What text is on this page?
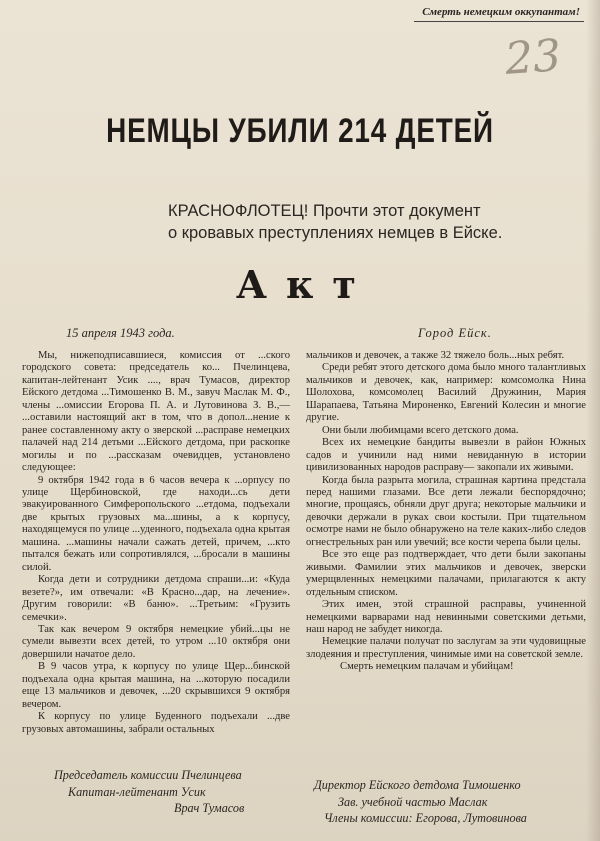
Смерть немецким оккупантам!
23
НЕМЦЫ УБИЛИ 214 ДЕТЕЙ
КРАСНОФЛОТЕЦ! Прочти этот документ
о кровавых преступлениях немцев в Ейске.
Акт
15 апреля 1943 года.	Город Ейск.

Мы, нижеподписавшиеся, комиссия от ...ского городского совета: председатель ко... Пчелинцева, капитан-лейтенант Усик ...., врач Тумасов, директор Ейского детдома ...Тимошенко В. М., завуч Маслак М. Ф., члены ...омиссии Егорова П. А. и Лутовинова З. В.,— ...оставили настоящий акт в том, что в допол...нение к ранее составленному акту о зверской ...расправе немецких палачей над 214 детьми ...Ейского детдома, при раскопке могилы и по ...рассказам очевидцев, установлено следующее:

9 октября 1942 года в 6 часов вечера к ...орпусу по улице Щербиновской, где находи...сь дети эвакуированного Симферопольского ...етдома, подъехали две крытых грузовых ма...шины, а к корпусу, находящемуся по улице ...уденного, подъехала одна крытая машина. ...машины начали сажать детей, причем, ...кто пытался бежать или сопротивлялся, ...бросали в машины силой.

Когда дети и сотрудники детдома спраши...и: «Куда везете?», им отвечали: «В Красно...дар, на лечение». Другим говорили: «В баню». ...Третьим: «Грузить семечки».

Так как вечером 9 октября немецкие убий...цы не сумели вывезти всех детей, то утром ...10 октября они довершили начатое дело.

В 9 часов утра, к корпусу по улице Щер...бинской подъехала одна крытая машина, на ...которую посадили еще 13 мальчиков и девочек, ...20 скрывшихся 9 октября вечером.

К корпусу по улице Буденного подъехали ...две грузовых автомашины, забрали остальных

мальчиков и девочек, а также 32 тяжело боль...ных ребят.

Среди ребят этого детского дома было много талантливых мальчиков и девочек, как, например: комсомолка Нина Шолохова, комсомолец Василий Дружинин, Мария Шарапаева, Татьяна Мироненко, Евгений Колесин и многие другие.

Они были любимцами всего детского дома.

Всех их немецкие бандиты вывезли в район Южных садов и учинили над ними невиданную в истории цивилизованных народов расправу— закопали их живыми.

Когда была разрыта могила, страшная картина предстала перед нашими глазами. Все дети лежали беспорядочно; многие, прощаясь, обняли друг друга; некоторые мальчики и девочки держали в руках свои костыли. При тщательном осмотре нами не было обнаружено на теле каких-либо следов огнестрельных ран или увечий; все кости черепа были целы.

Все это еще раз подтверждает, что дети были закопаны живыми. Фамилии этих мальчиков и девочек, зверски умерщвленных немецкими палачами, прилагаются к акту отдельным списком.

Этих имен, этой страшной расправы, учиненной немецкими варварами над невинными советскими детьми, наш народ не забудет никогда.

Немецкие палачи получат по заслугам за эти чудовищные злодеяния и преступления, чинимые ими на советской земле.

Смерть немецким палачам и убийцам!

Председатель комиссии Пчелинцева
Капитан-лейтенант Усик
Врач Тумасов
Директор Ейского детдома Тимошенко
Зав. учебной частью Маслак
Члены комиссии: Егорова, Лутовинова
